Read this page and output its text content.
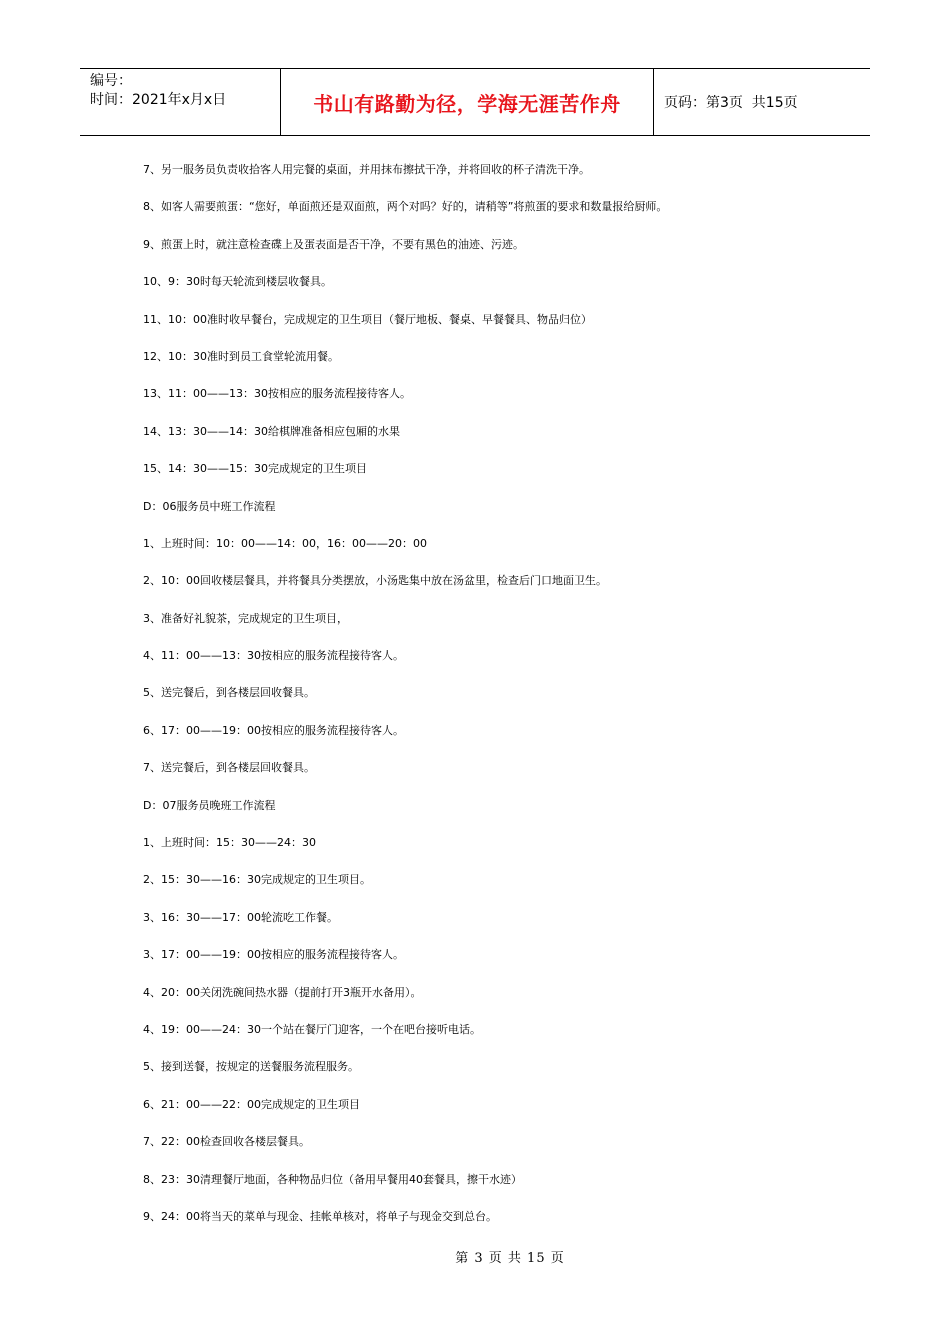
编号：
时间：2021年x月x日	书山有路勤为径，学海无涯苦作舟	页码：第3页  共15页
7、另一服务员负责收拾客人用完餐的桌面，并用抹布擦拭干净，并将回收的杯子清洗干净。
8、如客人需要煎蛋：“您好，单面煎还是双面煎，两个对吗？好的，请稍等”将煎蛋的要求和数量报给厨师。
9、煎蛋上时，就注意检查碟上及蛋表面是否干净，不要有黑色的油迹、污迹。
10、9：30时每天轮流到楼层收餐具。
11、10：00准时收早餐台，完成规定的卫生项目（餐厅地板、餐桌、早餐餐具、物品归位）
12、10：30准时到员工食堂轮流用餐。
13、11：00——13：30按相应的服务流程接待客人。
14、13：30——14：30给棋牌准备相应包厢的水果
15、14：30——15：30完成规定的卫生项目
D：06服务员中班工作流程
1、上班时间：10：00——14：00，16：00——20：00
2、10：00回收楼层餐具，并将餐具分类摆放，小汤匙集中放在汤盆里，检查后门口地面卫生。
3、准备好礼貌茶，完成规定的卫生项目，
4、11：00——13：30按相应的服务流程接待客人。
5、送完餐后，到各楼层回收餐具。
6、17：00——19：00按相应的服务流程接待客人。
7、送完餐后，到各楼层回收餐具。
D：07服务员晚班工作流程
1、上班时间：15：30——24：30
2、15：30——16：30完成规定的卫生项目。
3、16：30——17：00轮流吃工作餐。
3、17：00——19：00按相应的服务流程接待客人。
4、20：00关闭洗碗间热水器（提前打开3瓶开水备用）。
4、19：00——24：30一个站在餐厅门迎客，一个在吧台接听电话。
5、接到送餐，按规定的送餐服务流程服务。
6、21：00——22：00完成规定的卫生项目
7、22：00检查回收各楼层餐具。
8、23：30清理餐厅地面，各种物品归位（备用早餐用40套餐具，擦干水迹）
9、24：00将当天的菜单与现金、挂帐单核对，将单子与现金交到总台。
第 3 页 共 15 页
